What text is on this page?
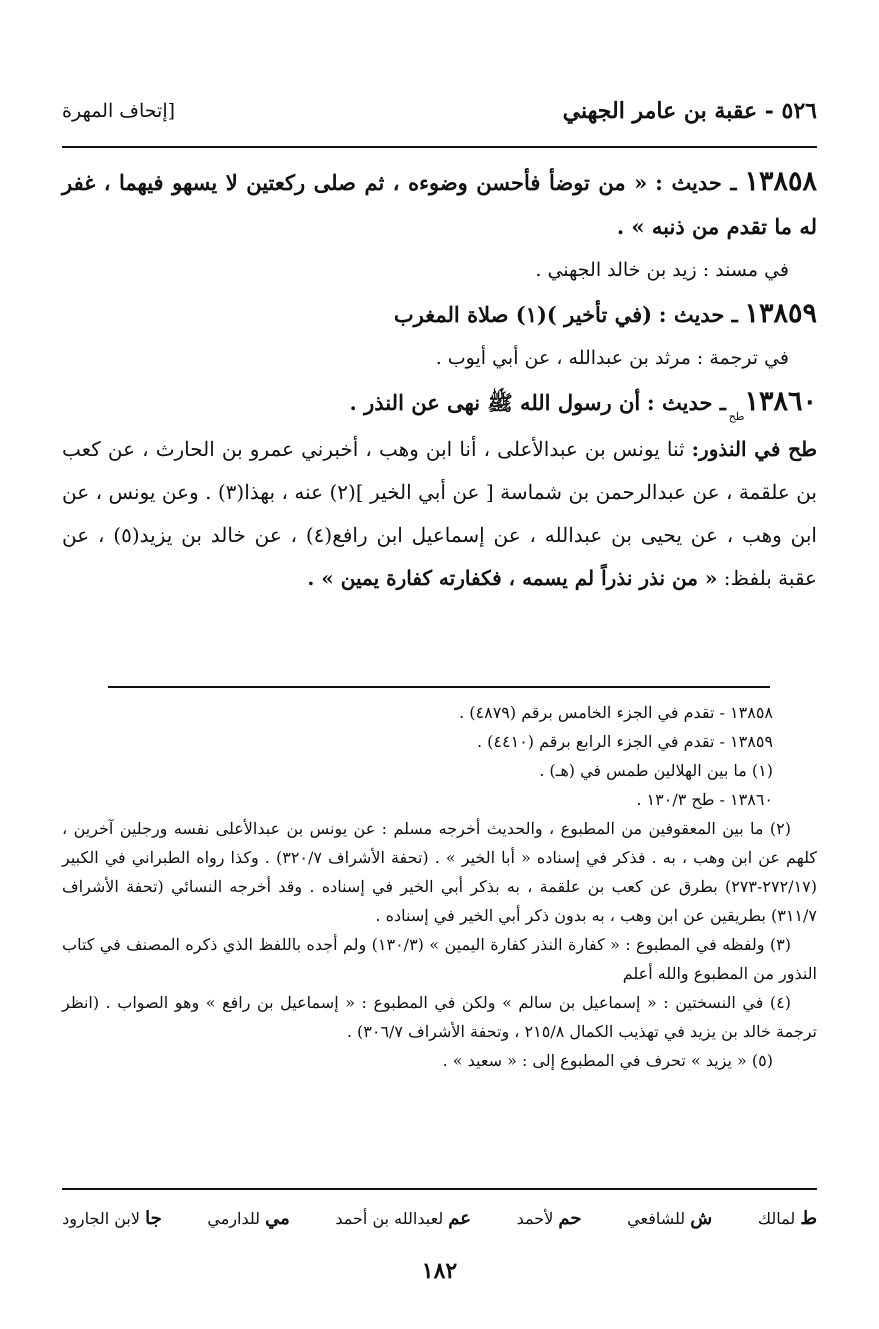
٥٢٦ - عقبة بن عامر الجهني
[إتحاف المهرة

١٣٨٥٨ ـ حديث : « من توضأ فأحسن وضوءه ، ثم صلى ركعتين لا يسهو فيهما ، غفر له ما تقدم من ذنبه » .

في مسند : زيد بن خالد الجهني .

١٣٨٥٩ ـ حديث : (في تأخير )(١) صلاة المغرب

في ترجمة : مرثد بن عبدالله ، عن أبي أيوب .

$١٣٨٦٠_{طح}$ ـ حديث : أن رسول الله ﷺ نهى عن النذر .

طح في النذور: ثنا يونس بن عبدالأعلى ، أنا ابن وهب ، أخبرني عمرو بن الحارث ، عن كعب بن علقمة ، عن عبدالرحمن بن شماسة [ عن أبي الخير ](٢) عنه ، بهذا(٣) . وعن يونس ، عن ابن وهب ، عن يحيى بن عبدالله ، عن إسماعيل ابن رافع(٤) ، عن خالد بن يزيد(٥) ، عن عقبة بلفظ: « من نذر نذراً لم يسمه ، فكفارته كفارة يمين » .

١٣٨٥٨ - تقدم في الجزء الخامس برقم (٤٨٧٩) .

١٣٨٥٩ - تقدم في الجزء الرابع برقم (٤٤١٠) .

(١) ما بين الهلالين طمس في (هـ) .

١٣٨٦٠ - طح ١٣٠/٣ .

(٢) ما بين المعقوفين من المطبوع ، والحديث أخرجه مسلم : عن يونس بن عبدالأعلى نفسه ورجلين آخرين ، كلهم عن ابن وهب ، به . فذكر في إسناده « أبا الخير » . (تحفة الأشراف ٣٢٠/٧) . وكذا رواه الطبراني في الكبير (٢٧٢/١٧-٢٧٣) بطرق عن كعب بن علقمة ، به بذكر أبي الخير في إسناده . وقد أخرجه النسائي (تحفة الأشراف ٣١١/٧) بطريقين عن ابن وهب ، به بدون ذكر أبي الخير في إسناده .

(٣) ولفظه في المطبوع : « كفارة النذر كفارة اليمين » (١٣٠/٣) ولم أجده باللفظ الذي ذكره المصنف في كتاب النذور من المطبوع والله أعلم

(٤) في النسختين : « إسماعيل بن سالم » ولكن في المطبوع : « إسماعيل بن رافع » وهو الصواب . (انظر ترجمة خالد بن يزيد في تهذيب الكمال ٢١٥/٨ ، وتحفة الأشراف ٣٠٦/٧) .

(٥) « يزيد » تحرف في المطبوع إلى : « سعيد » .

ط لمالك
ش للشافعي
حم لأحمد
عم لعبدالله بن أحمد
مي للدارمي
جا لابن الجارود
١٨٢
